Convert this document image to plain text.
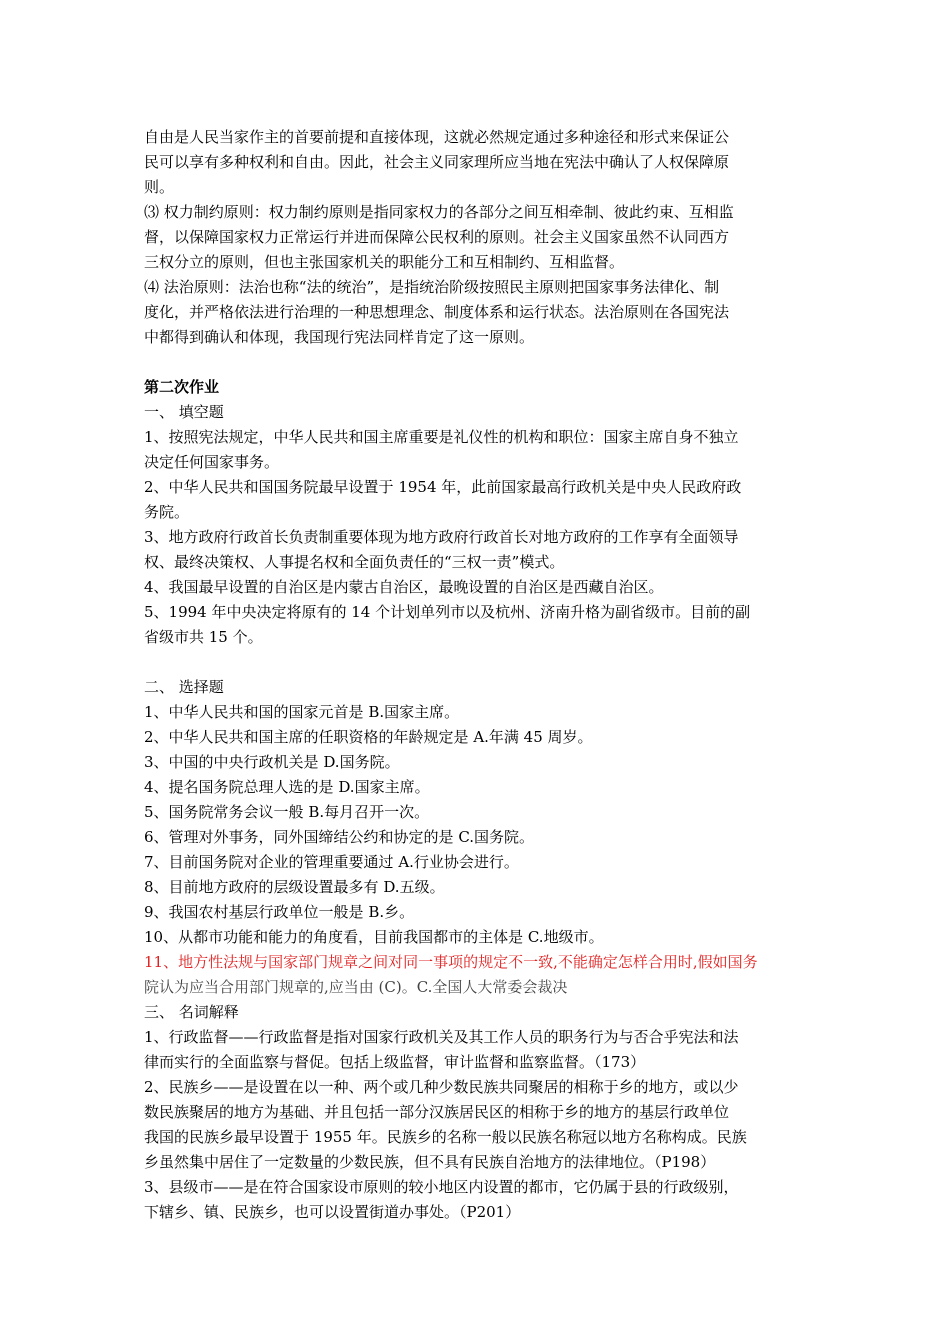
自由是人民当家作主的首要前提和直接体现，这就必然规定通过多种途径和形式来保证公
民可以享有多种权利和自由。因此，社会主义同家理所应当地在宪法中确认了人权保障原
则。
⑶ 权力制约原则：权力制约原则是指同家权力的各部分之间互相牵制、彼此约束、互相监
督，以保障国家权力正常运行并进而保障公民权利的原则。社会主义国家虽然不认同西方
三权分立的原则，但也主张国家机关的职能分工和互相制约、互相监督。
⑷ 法治原则：法治也称“法的统治”，是指统治阶级按照民主原则把国家事务法律化、制
度化，并严格依法进行治理的一种思想理念、制度体系和运行状态。法治原则在各国宪法
中都得到确认和体现，我国现行宪法同样肯定了这一原则。
第二次作业
一、 填空题
1、按照宪法规定，中华人民共和国主席重要是礼仪性的机构和职位：国家主席自身不独立
决定任何国家事务。
2、中华人民共和国国务院最早设置于 1954 年，此前国家最高行政机关是中央人民政府政
务院。
3、地方政府行政首长负责制重要体现为地方政府行政首长对地方政府的工作享有全面领导
权、最终决策权、人事提名权和全面负责任的“三权一责”模式。
4、我国最早设置的自治区是内蒙古自治区，最晚设置的自治区是西藏自治区。
5、1994 年中央决定将原有的 14 个计划单列市以及杭州、济南升格为副省级市。目前的副
省级市共 15 个。
二、 选择题
1、中华人民共和国的国家元首是 B.国家主席。
2、中华人民共和国主席的任职资格的年龄规定是 A.年满 45 周岁。
3、中国的中央行政机关是 D.国务院。
4、提名国务院总理人选的是 D.国家主席。
5、国务院常务会议一般 B.每月召开一次。
6、管理对外事务，同外国缔结公约和协定的是 C.国务院。
7、目前国务院对企业的管理重要通过 A.行业协会进行。
8、目前地方政府的层级设置最多有 D.五级。
9、我国农村基层行政单位一般是 B.乡。
10、从都市功能和能力的角度看，目前我国都市的主体是 C.地级市。
11、地方性法规与国家部门规章之间对同一事项的规定不一致,不能确定怎样合用时,假如国务
院认为应当合用部门规章的,应当由 (C)。C.全国人大常委会裁决
三、 名词解释
1、行政监督——行政监督是指对国家行政机关及其工作人员的职务行为与否合乎宪法和法
律而实行的全面监察与督促。包括上级监督，审计监督和监察监督。（173）
2、民族乡——是设置在以一种、两个或几种少数民族共同聚居的相称于乡的地方，或以少
数民族聚居的地方为基础、并且包括一部分汉族居民区的相称于乡的地方的基层行政单位
我国的民族乡最早设置于 1955 年。民族乡的名称一般以民族名称冠以地方名称构成。民族
乡虽然集中居住了一定数量的少数民族，但不具有民族自治地方的法律地位。（P198）
3、县级市——是在符合国家设市原则的较小地区内设置的都市，它仍属于县的行政级别，
下辖乡、镇、民族乡，也可以设置街道办事处。（P201）
